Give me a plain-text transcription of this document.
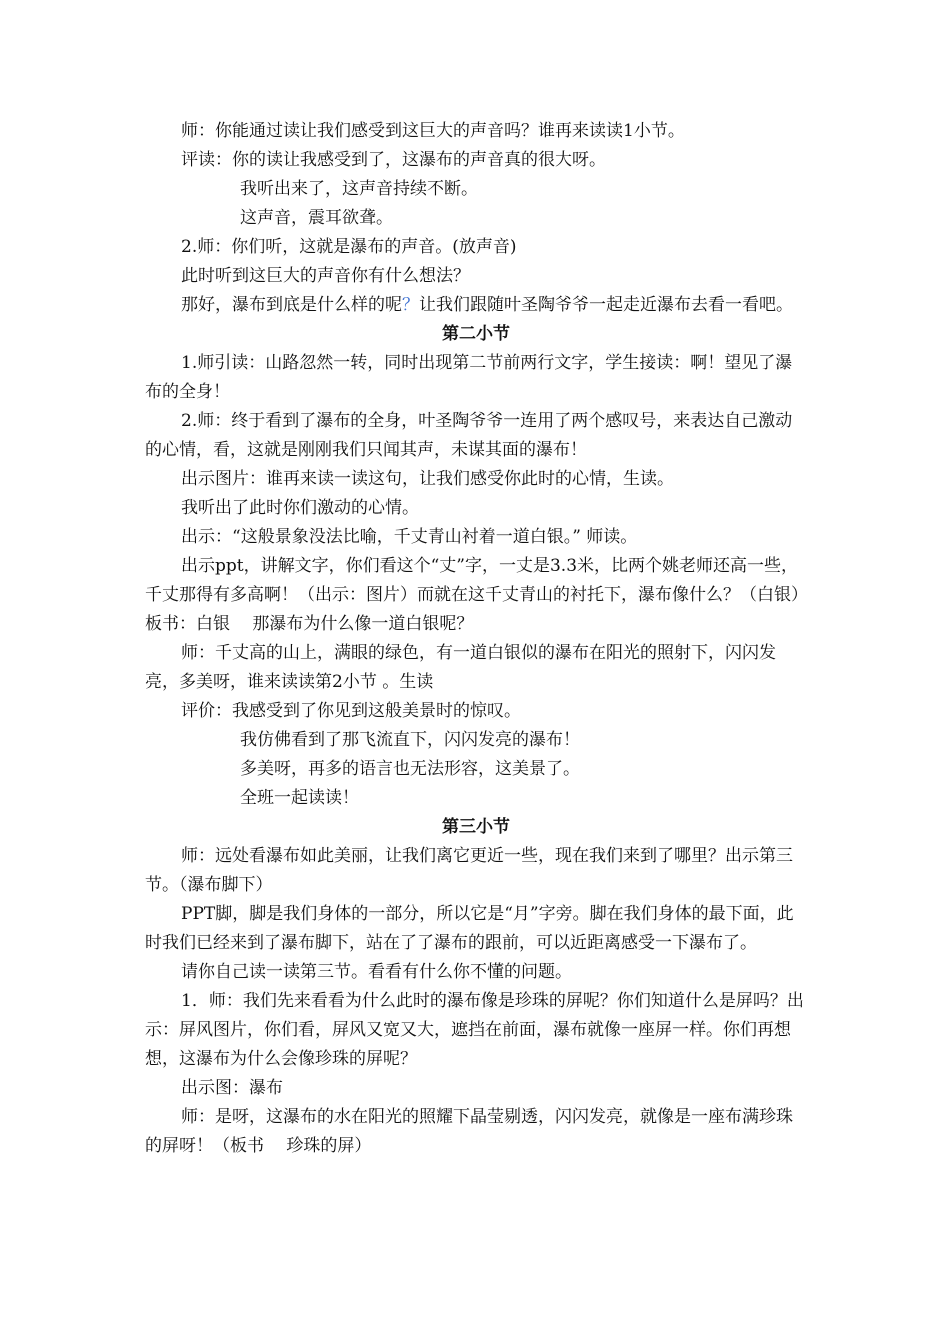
师：你能通过读让我们感受到这巨大的声音吗？谁再来读读1小节。

评读：你的读让我感受到了，这瀑布的声音真的很大呀。

我听出来了，这声音持续不断。

这声音，震耳欲聋。

2.师：你们听，这就是瀑布的声音。(放声音)

此时听到这巨大的声音你有什么想法？

那好，瀑布到底是什么样的呢？让我们跟随叶圣陶爷爷一起走近瀑布去看一看吧。

第二小节

1.师引读：山路忽然一转，同时出现第二节前两行文字，学生接读：啊！望见了瀑布的全身！

2.师：终于看到了瀑布的全身，叶圣陶爷爷一连用了两个感叹号，来表达自己激动的心情，看，这就是刚刚我们只闻其声，未谋其面的瀑布！

出示图片：谁再来读一读这句，让我们感受你此时的心情，生读。

我听出了此时你们激动的心情。

出示：“这般景象没法比喻，千丈青山衬着一道白银。” 师读。

出示ppt，讲解文字，你们看这个“丈”字，一丈是3.3米，比两个姚老师还高一些，千丈那得有多高啊！（出示：图片）而就在这千丈青山的衬托下，瀑布像什么？（白银）板书：白银 　那瀑布为什么像一道白银呢？

师：千丈高的山上，满眼的绿色，有一道白银似的瀑布在阳光的照射下，闪闪发亮，多美呀，谁来读读第2小节 。生读

评价：我感受到了你见到这般美景时的惊叹。

我仿佛看到了那飞流直下，闪闪发亮的瀑布！

多美呀，再多的语言也无法形容，这美景了。

全班一起读读！

第三小节

师：远处看瀑布如此美丽，让我们离它更近一些，现在我们来到了哪里？出示第三节。（瀑布脚下）

PPT脚，脚是我们身体的一部分，所以它是“月”字旁。脚在我们身体的最下面，此时我们已经来到了瀑布脚下，站在了了瀑布的跟前，可以近距离感受一下瀑布了。

请你自己读一读第三节。看看有什么你不懂的问题。

1．师：我们先来看看为什么此时的瀑布像是珍珠的屏呢？你们知道什么是屏吗？出示：屏风图片，你们看，屏风又宽又大，遮挡在前面，瀑布就像一座屏一样。你们再想想，这瀑布为什么会像珍珠的屏呢？

出示图：瀑布

师：是呀，这瀑布的水在阳光的照耀下晶莹剔透，闪闪发亮，就像是一座布满珍珠的屏呀！（板书 　珍珠的屏）
